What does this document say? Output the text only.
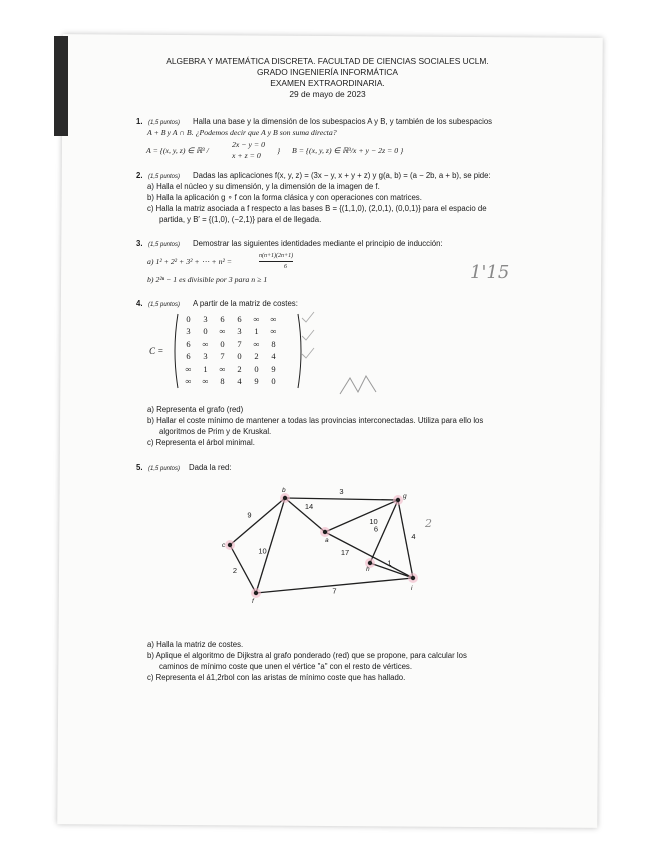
ALGEBRA Y MATEMÁTICA DISCRETA. FACULTAD DE CIENCIAS SOCIALES UCLM.
GRADO INGENIERÍA INFORMÁTICA
EXAMEN EXTRAORDINARIA.
29 de mayo de 2023
1. (1,5 puntos) Halla una base y la dimensión de los subespacios A y B, y también de los subespacios
A + B y A ∩ B. ¿Podemos decir que A y B son suma directa?
A = {(x, y, z) ∈ ℝ³ /
2x − y = 0
x + z = 0
} B = {(x, y, z) ∈ ℝ³/x + y − 2z = 0 }
2. (1,5 puntos) Dadas las aplicaciones f(x, y, z) = (3x − y, x + y + z) y g(a, b) = (a − 2b, a + b), se pide:
a) Halla el núcleo y su dimensión, y la dimensión de la imagen de f.
b) Halla la aplicación g ∘ f con la forma clásica y con operaciones con matrices.
c) Halla la matriz asociada a f respecto a las bases B = {(1,1,0), (2,0,1), (0,0,1)} para el espacio de
partida, y B′ = {(1,0), (−2,1)} para el de llegada.
3. (1,5 puntos) Demostrar las siguientes identidades mediante el principio de inducción:
a) 1² + 2² + 3² + ⋯ + n² =
n(n+1)(2n+1)
6
b) 2²ⁿ − 1 es divisible por 3 para n ≥ 1
4. (1,5 puntos) A partir de la matriz de costes:
C =
0 3 6 6 ∞ ∞
3 0 ∞ 3 1 ∞
6 ∞ 0 7 ∞ 8
6 3 7 0 2 4
∞ 1 ∞ 2 0 9
∞ ∞ 8 4 9 0
a) Representa el grafo (red)
b) Hallar el coste mínimo de mantener a todas las provincias interconectadas. Utiliza para ello los
algoritmos de Prim y de Kruskal.
c) Representa el árbol minimal.
5. (1,5 puntos) Dada la red:
3
9
14
10
10
6
4
17
1
2
7
b
g
c
a
h
f
i
a) Halla la matriz de costes.
b) Aplique el algoritmo de Dijkstra al grafo ponderado (red) que se propone, para calcular los
caminos de mínimo coste que unen el vértice "a" con el resto de vértices.
c) Representa el á1,2rbol con las aristas de mínimo coste que has hallado.
1'15
2
